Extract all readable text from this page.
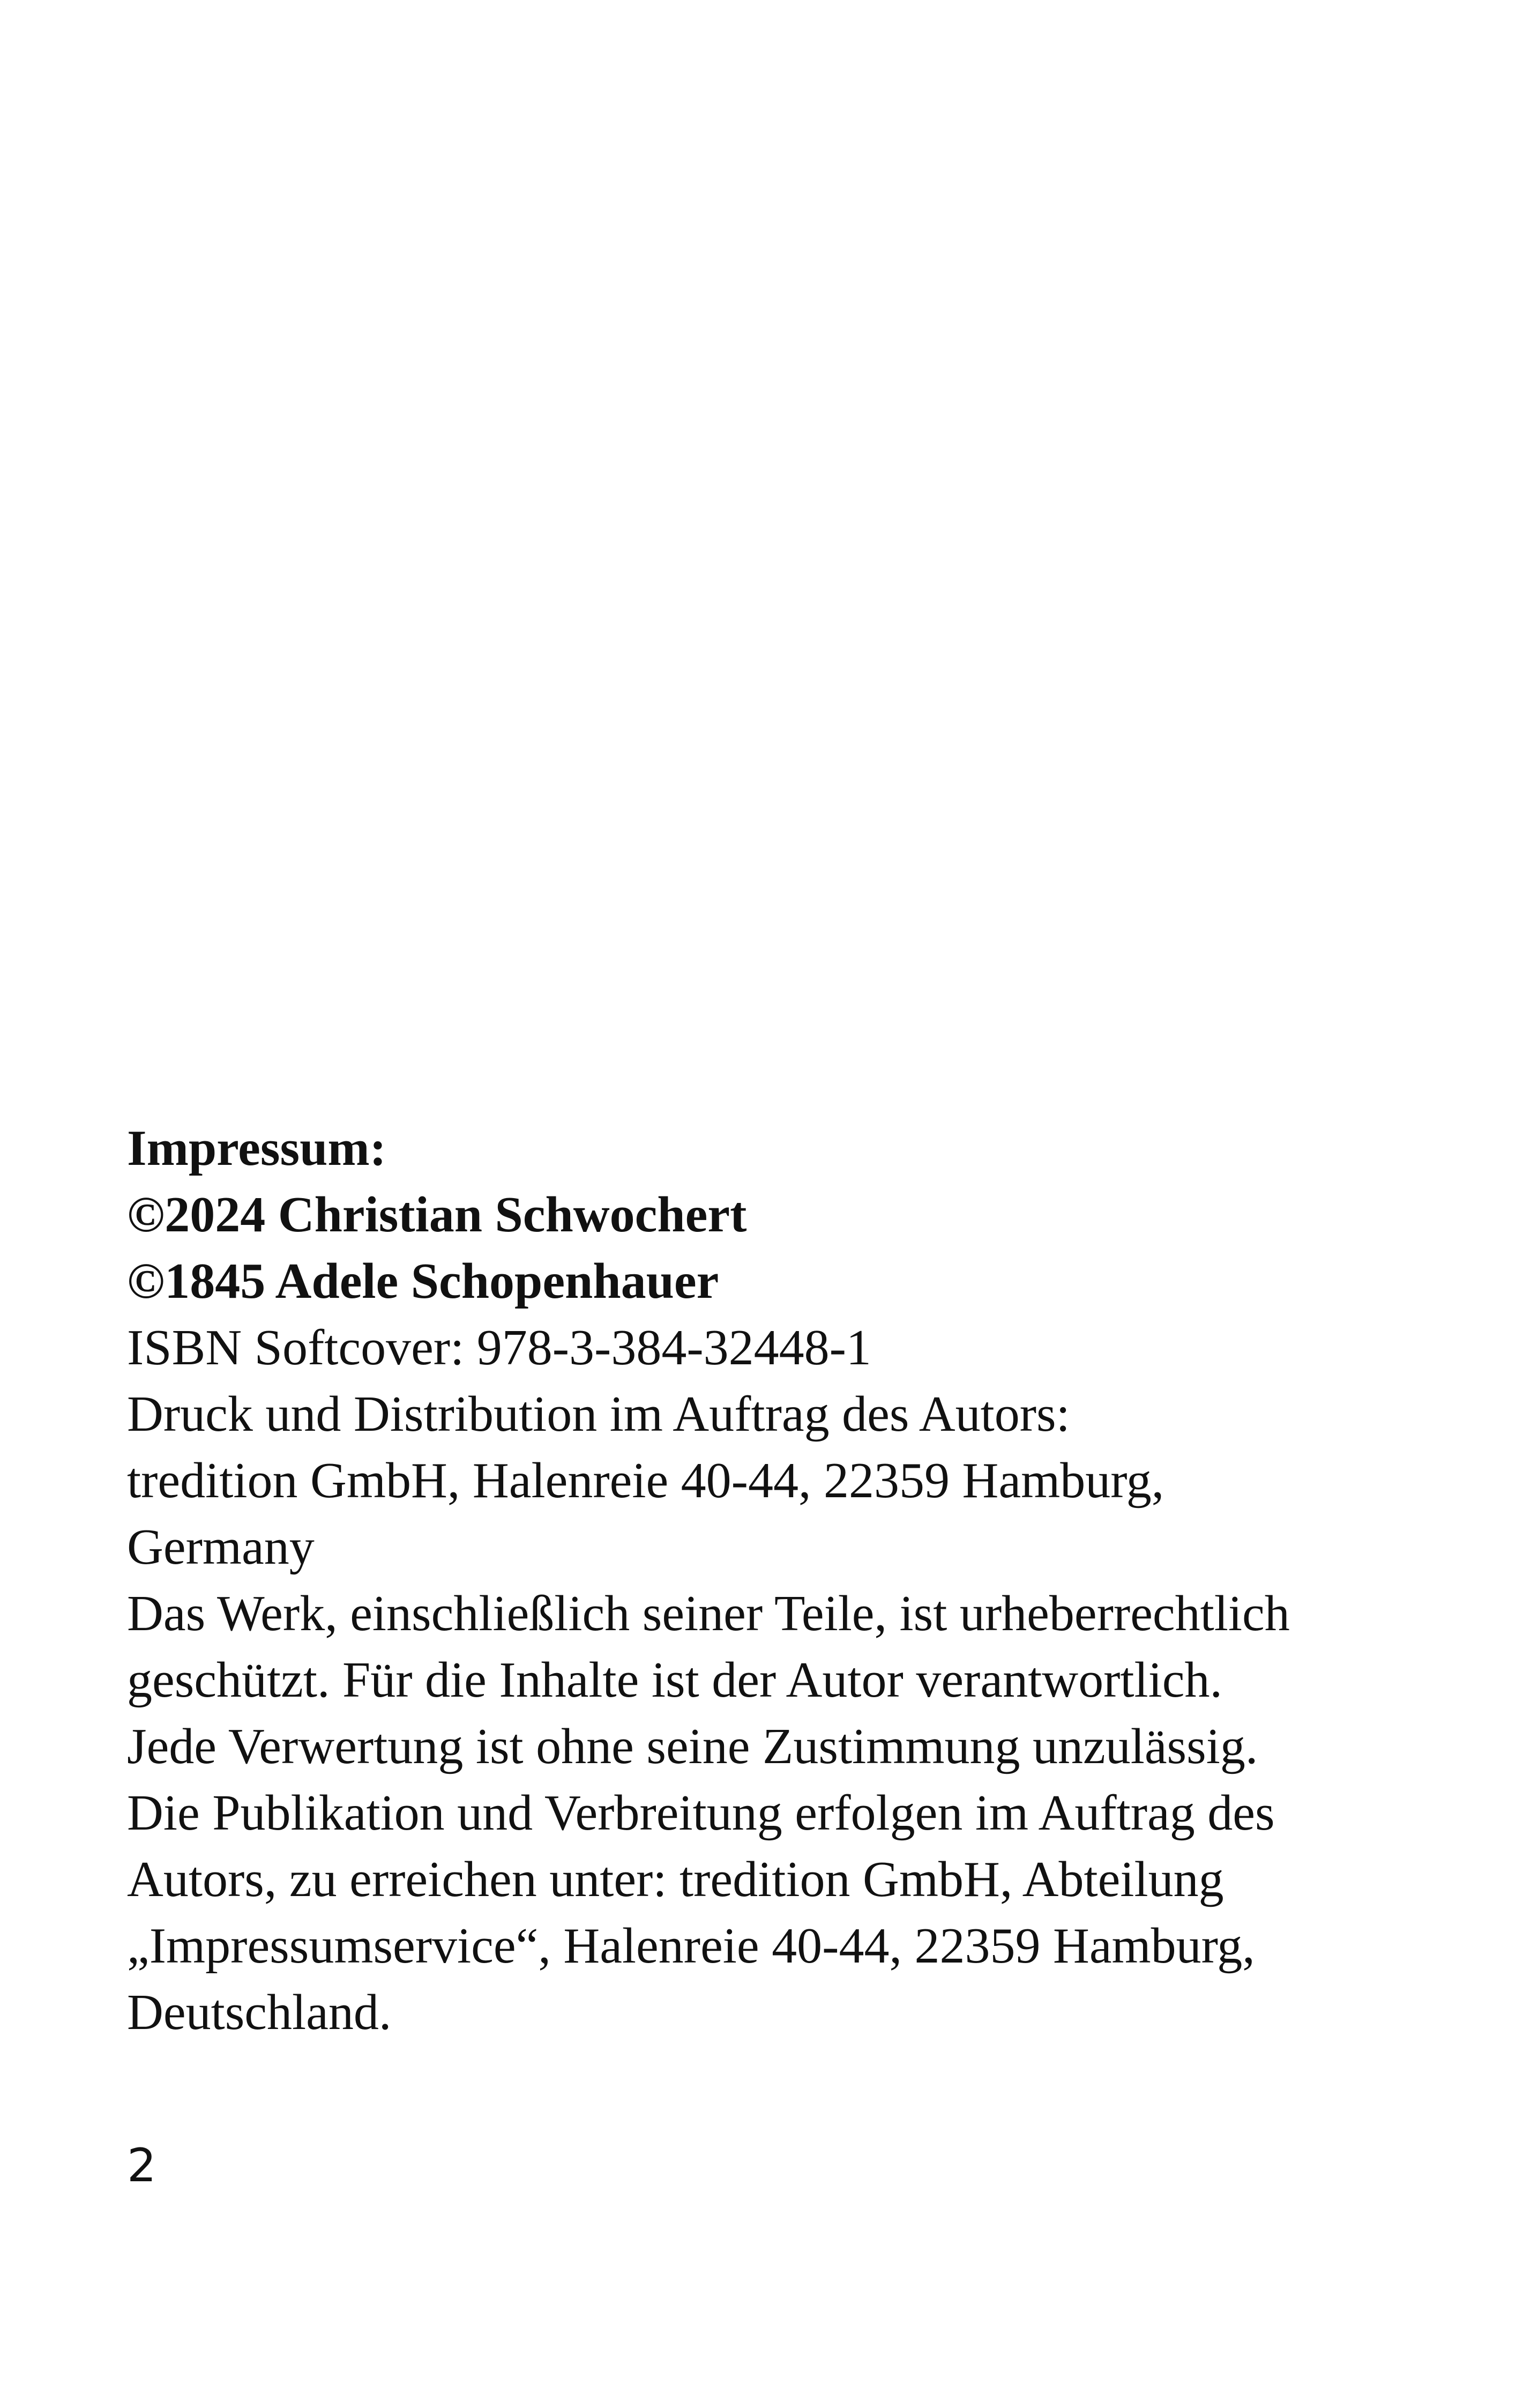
Impressum:
©2024 Christian Schwochert
©1845 Adele Schopenhauer
ISBN Softcover: 978-3-384-32448-1
Druck und Distribution im Auftrag des Autors:
tredition GmbH, Halenreie 40-44, 22359 Hamburg,
Germany
Das Werk, einschließlich seiner Teile, ist urheberrechtlich
geschützt. Für die Inhalte ist der Autor verantwortlich.
Jede Verwertung ist ohne seine Zustimmung unzulässig.
Die Publikation und Verbreitung erfolgen im Auftrag des
Autors, zu erreichen unter: tredition GmbH, Abteilung
„Impressumservice“, Halenreie 40-44, 22359 Hamburg,
Deutschland.
2
